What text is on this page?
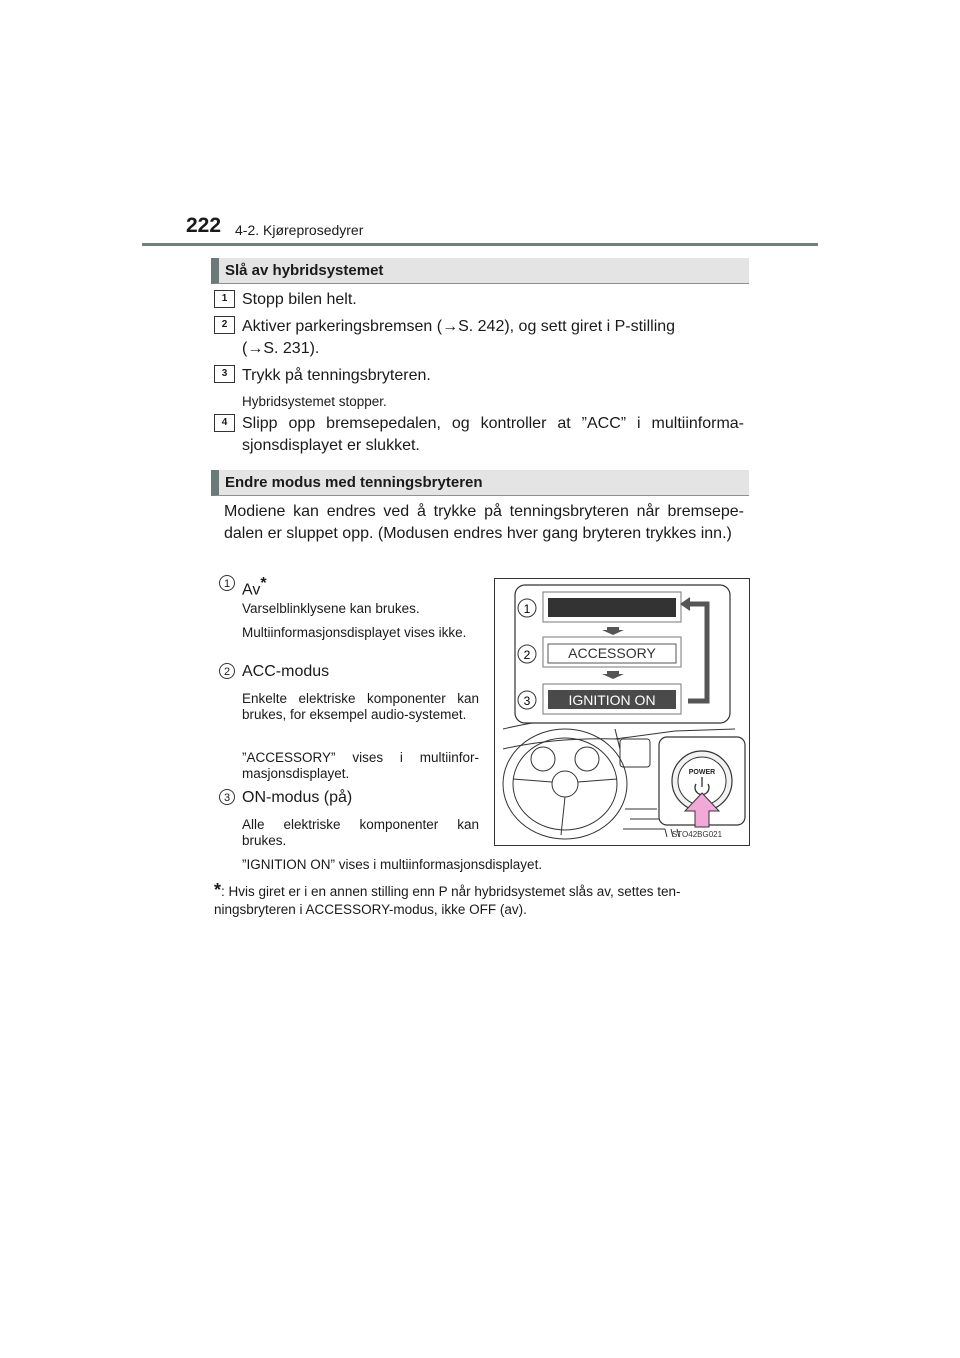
222 4-2. Kjøreprosedyrer
Slå av hybridsystemet
1 Stopp bilen helt.
2 Aktiver parkeringsbremsen (→S. 242), og sett giret i P-stilling
(→S. 231).
3 Trykk på tenningsbryteren.
Hybridsystemet stopper.
4 Slipp opp bremsepedalen, og kontroller at ”ACC” i multiinforma-sjonsdisplayet er slukket.
Endre modus med tenningsbryteren
Modiene kan endres ved å trykke på tenningsbryteren når bremsepe-dalen er sluppet opp. (Modusen endres hver gang bryteren trykkes inn.)
1 Av*
Varselblinklysene kan brukes.
Multiinformasjonsdisplayet vises ikke.
2 ACC-modus
Enkelte elektriske komponenter kan brukes, for eksempel audio-systemet.
”ACCESSORY” vises i multiinfor-masjonsdisplayet.
3 ON-modus (på)
Alle elektriske komponenter kan brukes.
”IGNITION ON” vises i multiinformasjonsdisplayet.
ACCESSORY
IGNITION ON
1
2
3
POWER
STO42BG021
*: Hvis giret er i en annen stilling enn P når hybridsystemet slås av, settes ten-ningsbryteren i ACCESSORY-modus, ikke OFF (av).
